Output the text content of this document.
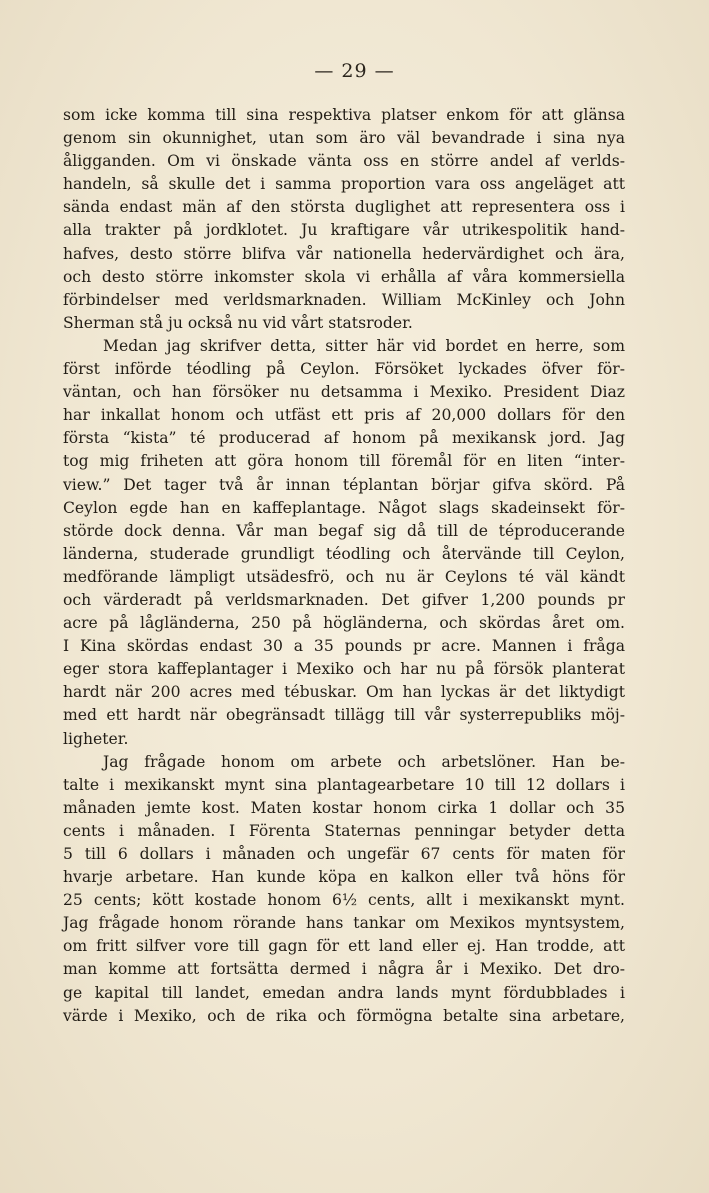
— 29 —
som icke komma till sina respektiva platser enkom för att glänsa
genom sin okunnighet, utan som äro väl bevandrade i sina nya
åligganden. Om vi önskade vänta oss en större andel af verlds-
handeln, så skulle det i samma proportion vara oss angeläget att
sända endast män af den största duglighet att representera oss i
alla trakter på jordklotet. Ju kraftigare vår utrikespolitik hand-
hafves, desto större blifva vår nationella hedervärdighet och ära,
och desto större inkomster skola vi erhålla af våra kommersiella
förbindelser med verldsmarknaden. William McKinley och John
Sherman stå ju också nu vid vårt statsroder.
Medan jag skrifver detta, sitter här vid bordet en herre, som
först införde téodling på Ceylon. Försöket lyckades öfver för-
väntan, och han försöker nu detsamma i Mexiko. President Diaz
har inkallat honom och utfäst ett pris af 20,000 dollars för den
första “kista” té producerad af honom på mexikansk jord. Jag
tog mig friheten att göra honom till föremål för en liten “inter-
view.” Det tager två år innan téplantan börjar gifva skörd. På
Ceylon egde han en kaffeplantage. Något slags skadeinsekt för-
störde dock denna. Vår man begaf sig då till de téproducerande
länderna, studerade grundligt téodling och återvände till Ceylon,
medförande lämpligt utsädesfrö, och nu är Ceylons té väl kändt
och värderadt på verldsmarknaden. Det gifver 1,200 pounds pr
acre på lågländerna, 250 på högländerna, och skördas året om.
I Kina skördas endast 30 a 35 pounds pr acre. Mannen i fråga
eger stora kaffeplantager i Mexiko och har nu på försök planterat
hardt när 200 acres med tébuskar. Om han lyckas är det liktydigt
med ett hardt när obegränsadt tillägg till vår systerrepubliks möj-
ligheter.
Jag frågade honom om arbete och arbetslöner. Han be-
talte i mexikanskt mynt sina plantagearbetare 10 till 12 dollars i
månaden jemte kost. Maten kostar honom cirka 1 dollar och 35
cents i månaden. I Förenta Staternas penningar betyder detta
5 till 6 dollars i månaden och ungefär 67 cents för maten för
hvarje arbetare. Han kunde köpa en kalkon eller två höns för
25 cents; kött kostade honom 6½ cents, allt i mexikanskt mynt.
Jag frågade honom rörande hans tankar om Mexikos myntsystem,
om fritt silfver vore till gagn för ett land eller ej. Han trodde, att
man komme att fortsätta dermed i några år i Mexiko. Det dro-
ge kapital till landet, emedan andra lands mynt fördubblades i
värde i Mexiko, och de rika och förmögna betalte sina arbetare,
